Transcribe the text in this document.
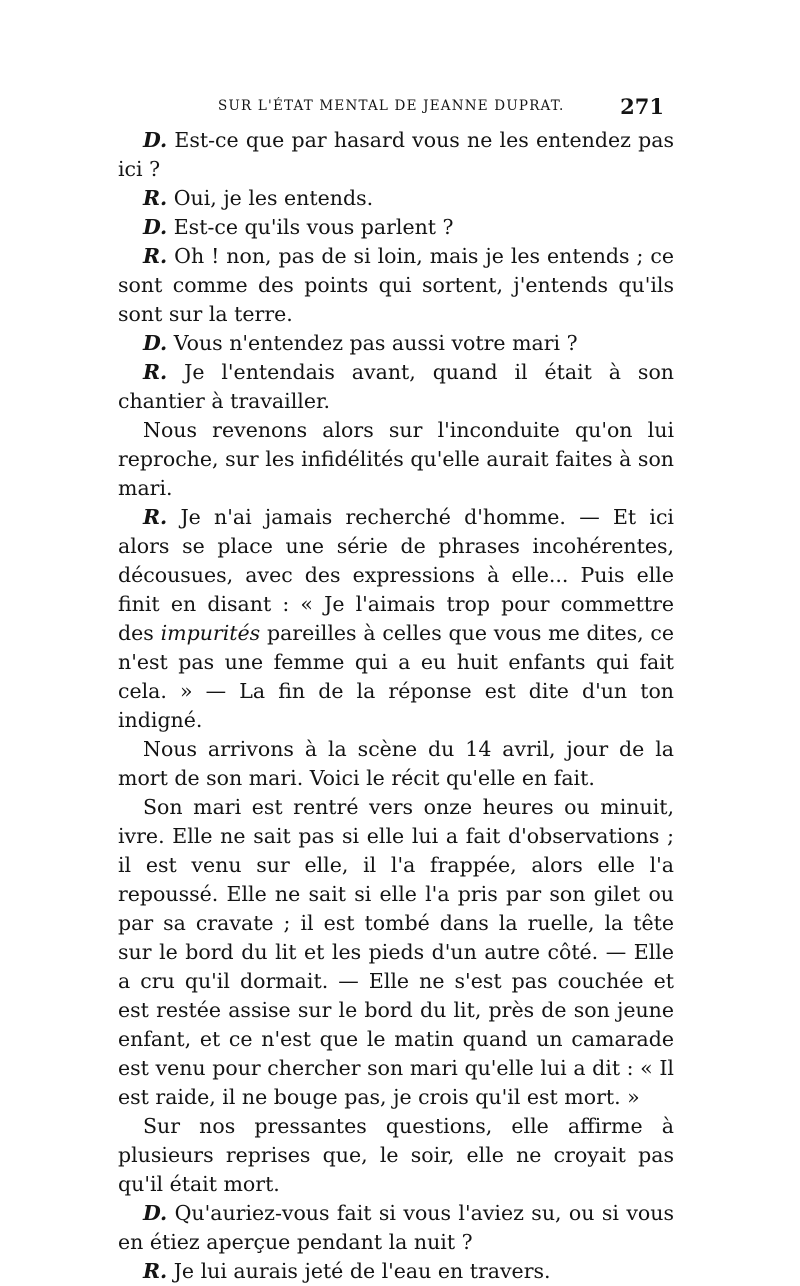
SUR L'ÉTAT MENTAL DE JEANNE DUPRAT.	271

D. Est-ce que par hasard vous ne les entendez pas ici ?

R. Oui, je les entends.

D. Est-ce qu'ils vous parlent ?

R. Oh ! non, pas de si loin, mais je les entends ; ce sont comme des points qui sortent, j'entends qu'ils sont sur la terre.

D. Vous n'entendez pas aussi votre mari ?

R. Je l'entendais avant, quand il était à son chantier à travailler.

Nous revenons alors sur l'inconduite qu'on lui reproche, sur les infidélités qu'elle aurait faites à son mari.

R. Je n'ai jamais recherché d'homme. — Et ici alors se place une série de phrases incohérentes, décousues, avec des expressions à elle... Puis elle finit en disant : « Je l'aimais trop pour commettre des impurités pareilles à celles que vous me dites, ce n'est pas une femme qui a eu huit enfants qui fait cela. » — La fin de la réponse est dite d'un ton indigné.

Nous arrivons à la scène du 14 avril, jour de la mort de son mari. Voici le récit qu'elle en fait.

Son mari est rentré vers onze heures ou minuit, ivre. Elle ne sait pas si elle lui a fait d'observations ; il est venu sur elle, il l'a frappée, alors elle l'a repoussé. Elle ne sait si elle l'a pris par son gilet ou par sa cravate ; il est tombé dans la ruelle, la tête sur le bord du lit et les pieds d'un autre côté. — Elle a cru qu'il dormait. — Elle ne s'est pas couchée et est restée assise sur le bord du lit, près de son jeune enfant, et ce n'est que le matin quand un camarade est venu pour chercher son mari qu'elle lui a dit : « Il est raide, il ne bouge pas, je crois qu'il est mort. »

Sur nos pressantes questions, elle affirme à plusieurs reprises que, le soir, elle ne croyait pas qu'il était mort.

D. Qu'auriez-vous fait si vous l'aviez su, ou si vous en étiez aperçue pendant la nuit ?

R. Je lui aurais jeté de l'eau en travers.
